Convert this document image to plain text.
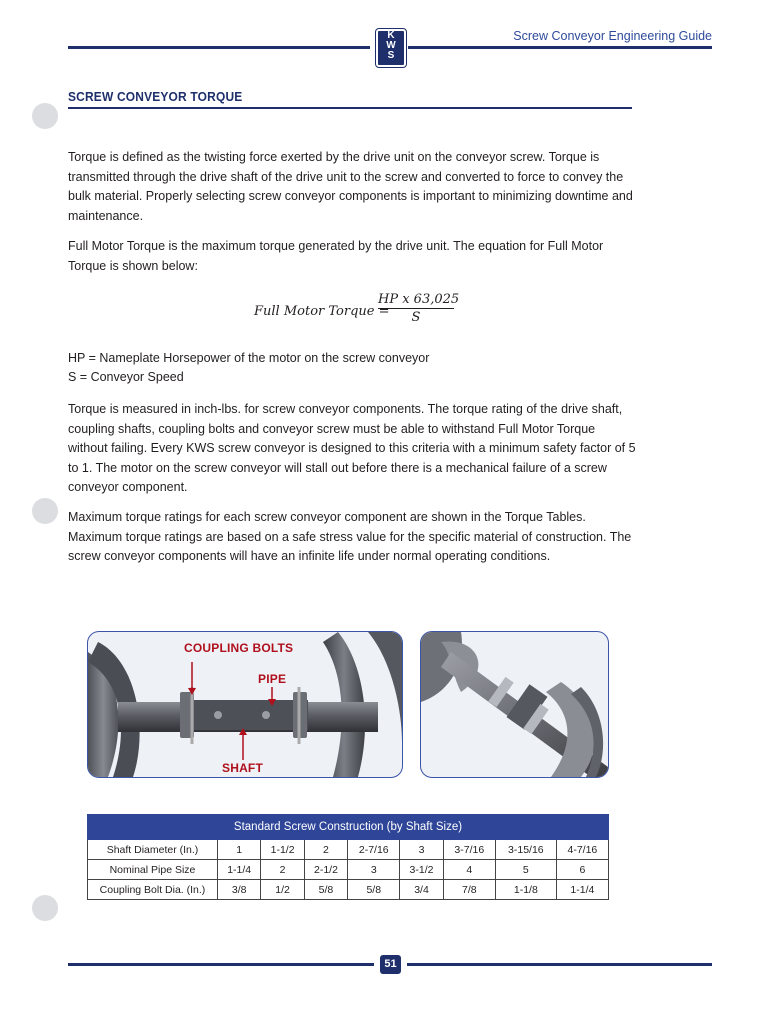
K
W
S
Screw Conveyor Engineering Guide
SCREW CONVEYOR TORQUE
Torque is defined as the twisting force exerted by the drive unit on the conveyor screw. Torque is transmitted through the drive shaft of the drive unit to the screw and converted to force to convey the bulk material. Properly selecting screw conveyor components is important to minimizing downtime and maintenance.
Full Motor Torque is the maximum torque generated by the drive unit. The equation for Full Motor Torque is shown below:
Full Motor Torque =
$\frac{\text{HP x 63,025}}{S}$
HP = Nameplate Horsepower of the motor on the screw conveyor
S = Conveyor Speed
Torque is measured in inch-lbs. for screw conveyor components. The torque rating of the drive shaft, coupling shafts, coupling bolts and conveyor screw must be able to withstand Full Motor Torque without failing. Every KWS screw conveyor is designed to this criteria with a minimum safety factor of 5 to 1. The motor on the screw conveyor will stall out before there is a mechanical failure of a screw conveyor component.
Maximum torque ratings for each screw conveyor component are shown in the Torque Tables. Maximum torque ratings are based on a safe stress value for the specific material of construction. The screw conveyor components will have an infinite life under normal operating conditions.
COUPLING BOLTS
PIPE
SHAFT
Standard Screw Construction (by Shaft Size)								
Shaft Diameter (In.)	1	1-1/2	2	2-7/16	3	3-7/16	3-15/16	4-7/16
Nominal Pipe Size	1-1/4	2	2-1/2	3	3-1/2	4	5	6
Coupling Bolt Dia. (In.)	3/8	1/2	5/8	5/8	3/4	7/8	1-1/8	1-1/4
51
